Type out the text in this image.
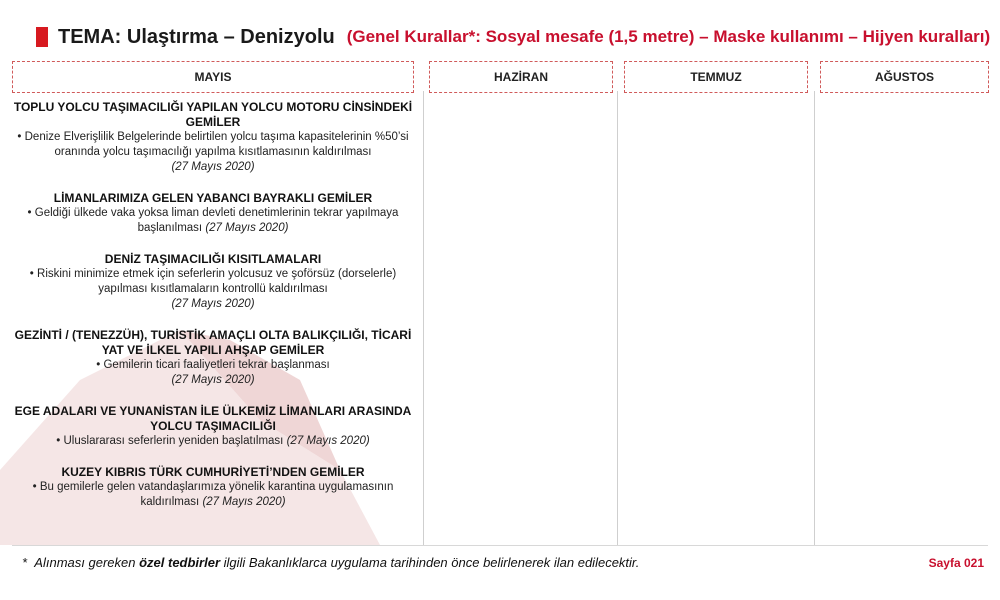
TEMA: Ulaştırma – Denizyolu (Genel Kurallar*: Sosyal mesafe (1,5 metre) – Maske kullanımı – Hijyen kuralları)
MAYIS	HAZİRAN	TEMMUZ	AĞUSTOS
TOPLU YOLCU TAŞIMACILIĞI YAPILAN YOLCU MOTORU CİNSİNDEKİ GEMİLER
• Denize Elverişlilik Belgelerinde belirtilen yolcu taşıma kapasitelerinin %50’si oranında yolcu taşımacılığı yapılma kısıtlamasının kaldırılması
(27 Mayıs 2020)
LİMANLARIMIZA GELEN YABANCI BAYRAKLI GEMİLER
• Geldiği ülkede vaka yoksa liman devleti denetimlerinin tekrar yapılmaya başlanılması (27 Mayıs 2020)
DENİZ TAŞIMACILIĞI KISITLAMALARI
• Riskini minimize etmek için seferlerin yolcusuz ve şoförsüz (dorselerle) yapılması kısıtlamaların kontrollü kaldırılması
(27 Mayıs 2020)
GEZİNTİ / (TENEZZÜH), TURİSTİK AMAÇLI OLTA BALIKÇILIĞI, TİCARİ YAT VE İLKEL YAPILI AHŞAP GEMİLER
• Gemilerin ticari faaliyetleri tekrar başlanması
(27 Mayıs 2020)
EGE ADALARI VE YUNANİSTAN İLE ÜLKEMİZ LİMANLARI ARASINDA YOLCU TAŞIMACILIĞI
• Uluslararası seferlerin yeniden başlatılması (27 Mayıs 2020)
KUZEY KIBRIS TÜRK CUMHURİYETİ’NDEN GEMİLER
• Bu gemilerle gelen vatandaşlarımıza yönelik karantina uygulamasının kaldırılması (27 Mayıs 2020)
* Alınması gereken özel tedbirler ilgili Bakanlıklarca uygulama tarihinden önce belirlenerek ilan edilecektir.	Sayfa 021
